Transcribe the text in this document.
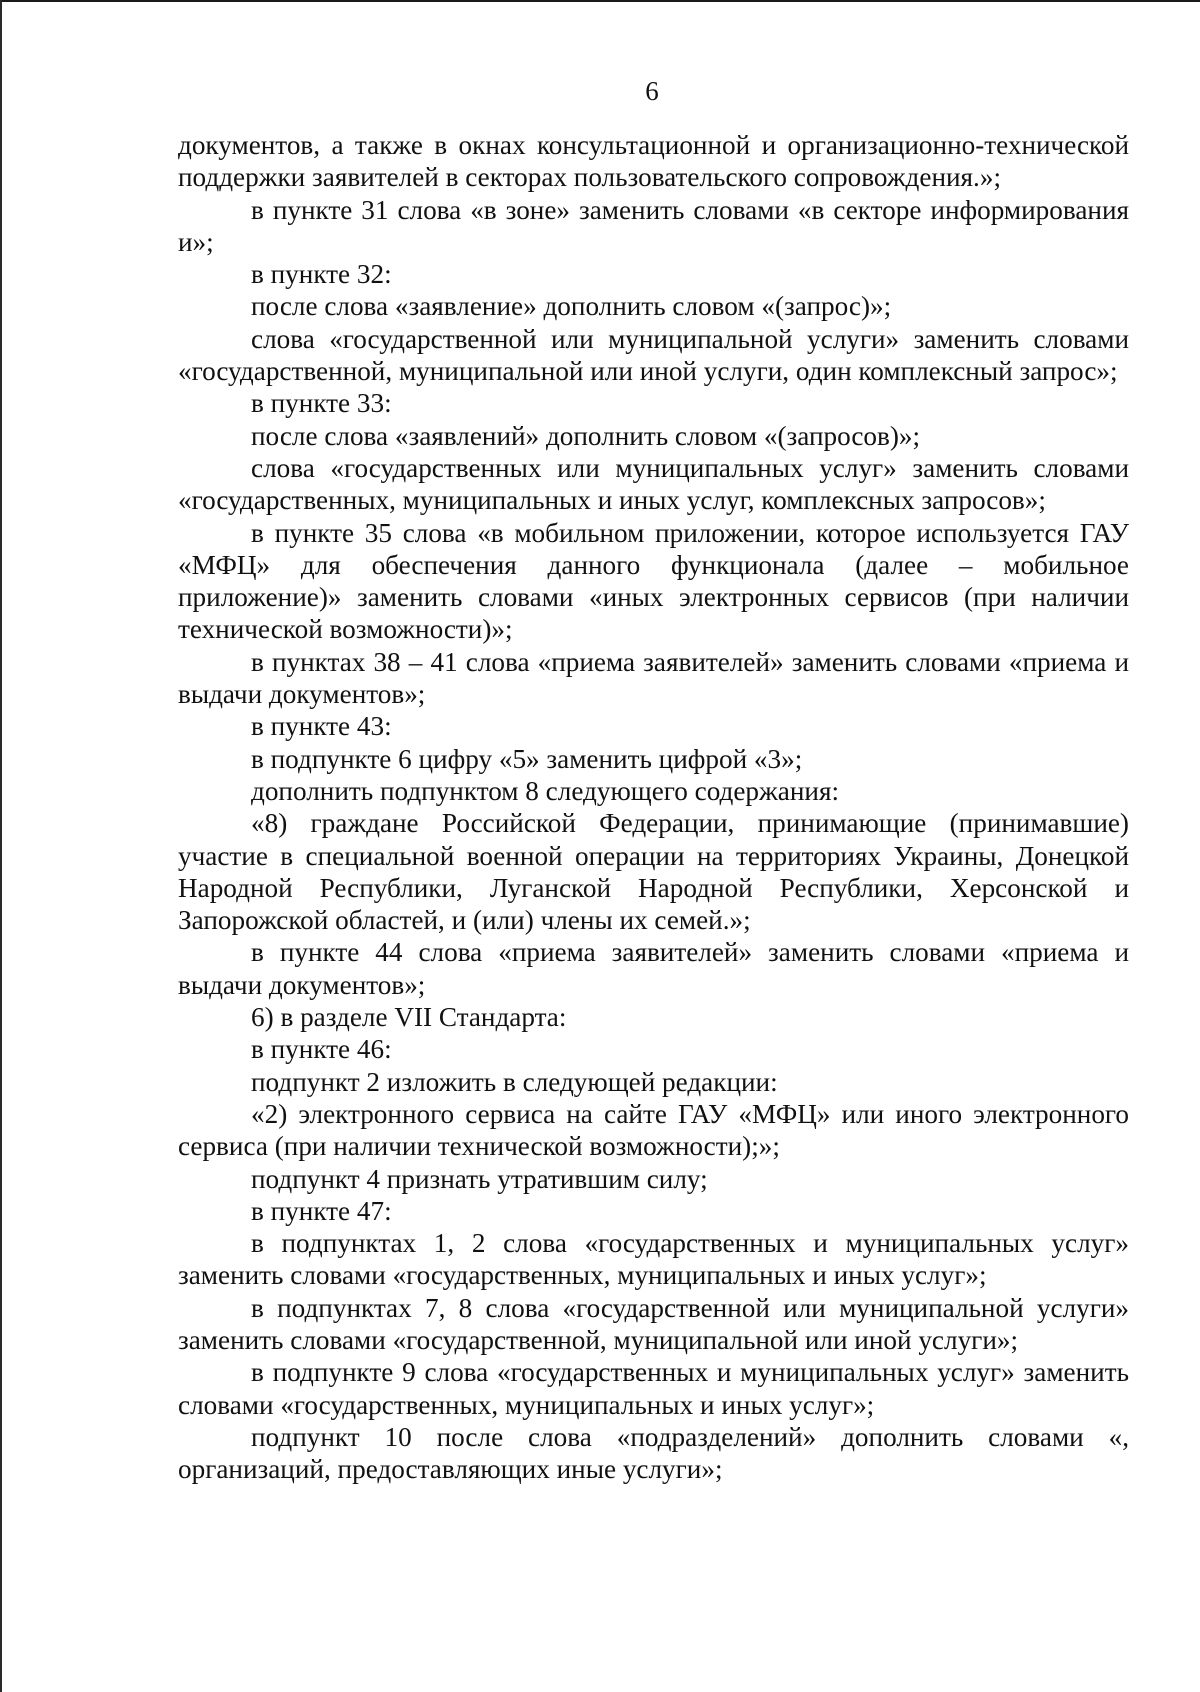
6

документов, а также в окнах консультационной и организационно-технической поддержки заявителей в секторах пользовательского сопровождения.»;

в пункте 31 слова «в зоне» заменить словами «в секторе информирования и»;

в пункте 32:

после слова «заявление» дополнить словом «(запрос)»;

слова «государственной или муниципальной услуги» заменить словами «государственной, муниципальной или иной услуги, один комплексный запрос»;

в пункте 33:

после слова «заявлений» дополнить словом «(запросов)»;

слова «государственных или муниципальных услуг» заменить словами «государственных, муниципальных и иных услуг, комплексных запросов»;

в пункте 35 слова «в мобильном приложении, которое используется ГАУ «МФЦ» для обеспечения данного функционала (далее – мобильное приложение)» заменить словами «иных электронных сервисов (при наличии технической возможности)»;

в пунктах 38 – 41 слова «приема заявителей» заменить словами «приема и выдачи документов»;

в пункте 43:

в подпункте 6 цифру «5» заменить цифрой «3»;

дополнить подпунктом 8 следующего содержания:

«8) граждане Российской Федерации, принимающие (принимавшие) участие в специальной военной операции на территориях Украины, Донецкой Народной Республики, Луганской Народной Республики, Херсонской и Запорожской областей, и (или) члены их семей.»;

в пункте 44 слова «приема заявителей» заменить словами «приема и выдачи документов»;

6) в разделе VII Стандарта:

в пункте 46:

подпункт 2 изложить в следующей редакции:

«2) электронного сервиса на сайте ГАУ «МФЦ» или иного электронного сервиса (при наличии технической возможности);»;

подпункт 4 признать утратившим силу;

в пункте 47:

в подпунктах 1, 2 слова «государственных и муниципальных услуг» заменить словами «государственных, муниципальных и иных услуг»;

в подпунктах 7, 8 слова «государственной или муниципальной услуги» заменить словами «государственной, муниципальной или иной услуги»;

в подпункте 9 слова «государственных и муниципальных услуг» заменить словами «государственных, муниципальных и иных услуг»;

подпункт 10 после слова «подразделений» дополнить словами «, организаций, предоставляющих иные услуги»;
